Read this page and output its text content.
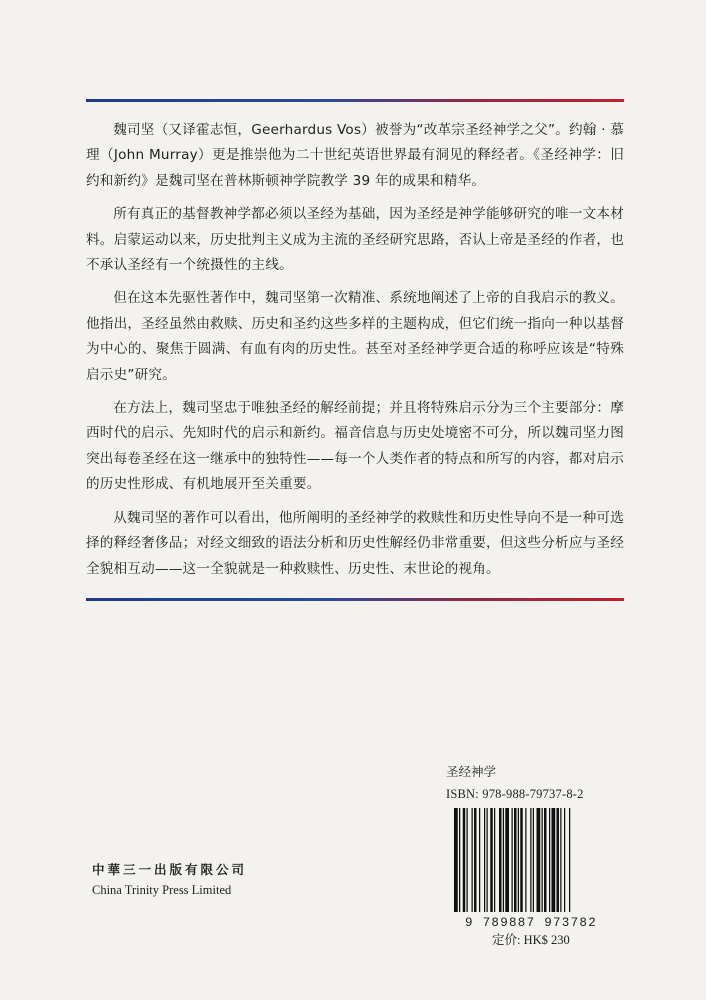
魏司坚（又译霍志恒，Geerhardus Vos）被誉为“改革宗圣经神学之父”。约翰 · 慕理（John Murray）更是推崇他为二十世纪英语世界最有洞见的释经者。《圣经神学：旧约和新约》是魏司坚在普林斯顿神学院教学 39 年的成果和精华。

所有真正的基督教神学都必须以圣经为基础，因为圣经是神学能够研究的唯一文本材料。启蒙运动以来，历史批判主义成为主流的圣经研究思路，否认上帝是圣经的作者，也不承认圣经有一个统摄性的主线。

但在这本先驱性著作中，魏司坚第一次精准、系统地阐述了上帝的自我启示的教义。他指出，圣经虽然由救赎、历史和圣约这些多样的主题构成，但它们统一指向一种以基督为中心的、聚焦于圆满、有血有肉的历史性。甚至对圣经神学更合适的称呼应该是“特殊启示史”研究。

在方法上，魏司坚忠于唯独圣经的解经前提；并且将特殊启示分为三个主要部分：摩西时代的启示、先知时代的启示和新约。福音信息与历史处境密不可分，所以魏司坚力图突出每卷圣经在这一继承中的独特性——每一个人类作者的特点和所写的内容，都对启示的历史性形成、有机地展开至关重要。

从魏司坚的著作可以看出，他所阐明的圣经神学的救赎性和历史性导向不是一种可选择的释经奢侈品；对经文细致的语法分析和历史性解经仍非常重要，但这些分析应与圣经全貌相互动——这一全貌就是一种救赎性、历史性、末世论的视角。

中華三一出版有限公司
China Trinity Press Limited
圣经神学
ISBN: 978-988-79737-8-2
9 789887 973782
定价: HK$ 230
